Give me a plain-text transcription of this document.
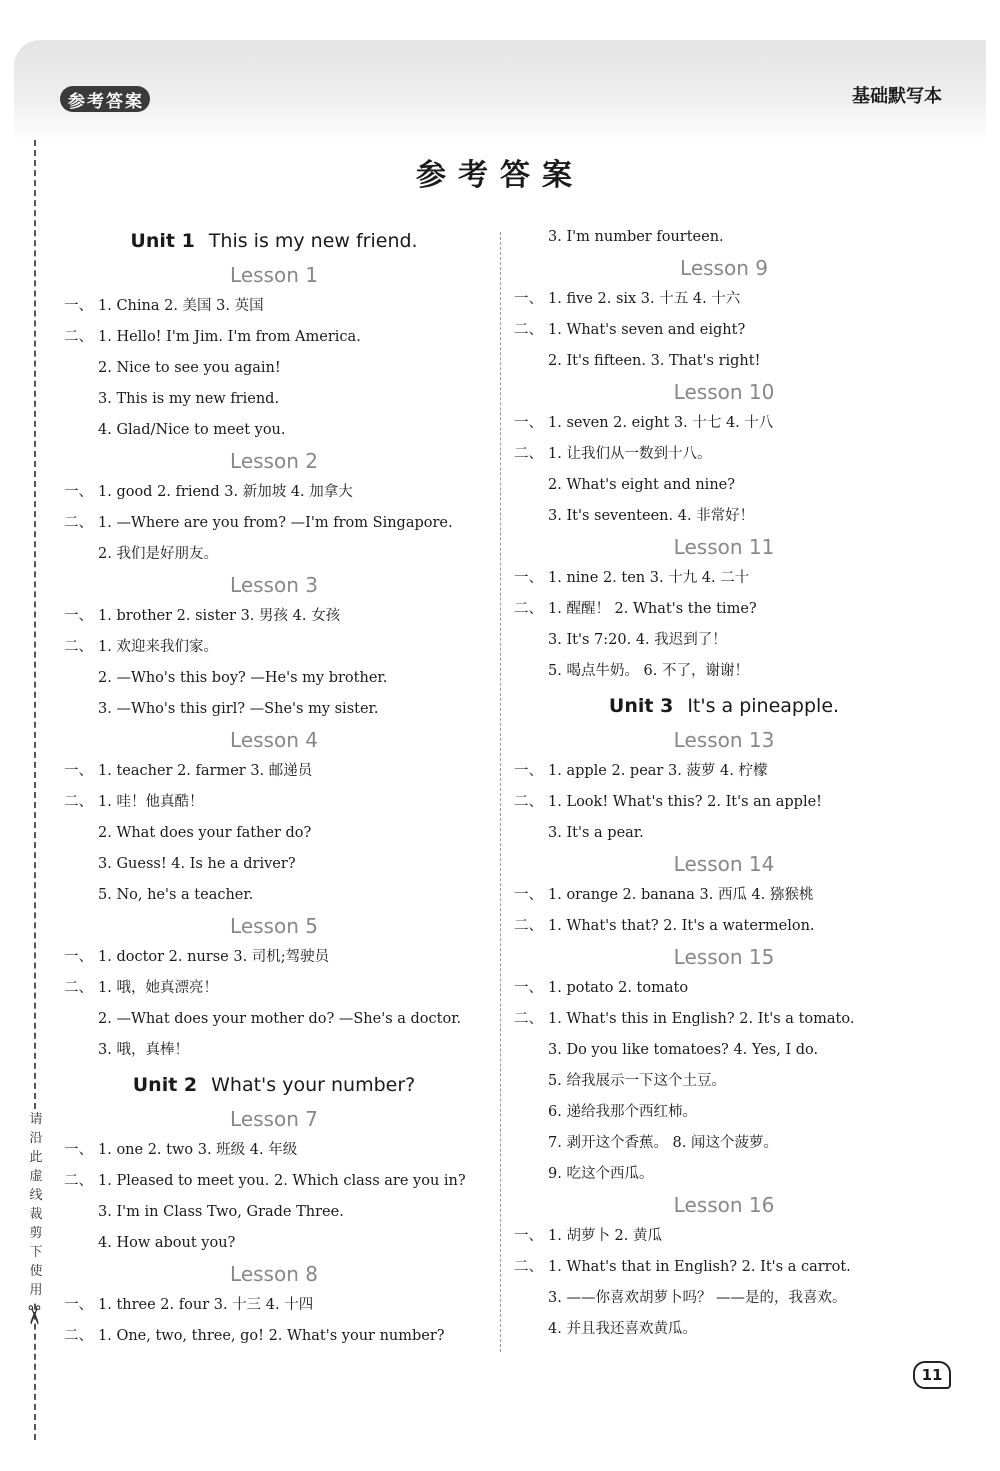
参 考 答 案	基础默写本
请沿此虚线裁剪下使用
✂
参考答案
Unit 1 This is my new friend.
Lesson 1
一、 1. China 2. 美国 3. 英国
二、 1. Hello! I'm Jim. I'm from America.
2. Nice to see you again!
3. This is my new friend.
4. Glad/Nice to meet you.
Lesson 2
一、 1. good 2. friend 3. 新加坡 4. 加拿大
二、 1. —Where are you from? —I'm from Singapore.
2. 我们是好朋友。
Lesson 3
一、 1. brother 2. sister 3. 男孩 4. 女孩
二、 1. 欢迎来我们家。
2. —Who's this boy? —He's my brother.
3. —Who's this girl? —She's my sister.
Lesson 4
一、 1. teacher 2. farmer 3. 邮递员
二、 1. 哇！他真酷！
2. What does your father do?
3. Guess! 4. Is he a driver?
5. No, he's a teacher.
Lesson 5
一、 1. doctor 2. nurse 3. 司机;驾驶员
二、 1. 哦，她真漂亮！
2. —What does your mother do? —She's a doctor.
3. 哦，真棒！
Unit 2 What's your number?
Lesson 7
一、 1. one 2. two 3. 班级 4. 年级
二、 1. Pleased to meet you. 2. Which class are you in?
3. I'm in Class Two, Grade Three.
4. How about you?
Lesson 8
一、 1. three 2. four 3. 十三 4. 十四
二、 1. One, two, three, go! 2. What's your number?
3. I'm number fourteen.
Lesson 9
一、 1. five 2. six 3. 十五 4. 十六
二、 1. What's seven and eight?
2. It's fifteen. 3. That's right!
Lesson 10
一、 1. seven 2. eight 3. 十七 4. 十八
二、 1. 让我们从一数到十八。
2. What's eight and nine?
3. It's seventeen. 4. 非常好！
Lesson 11
一、 1. nine 2. ten 3. 十九 4. 二十
二、 1. 醒醒！ 2. What's the time?
3. It's 7:20. 4. 我迟到了！
5. 喝点牛奶。 6. 不了，谢谢！
Unit 3 It's a pineapple.
Lesson 13
一、 1. apple 2. pear 3. 菠萝 4. 柠檬
二、 1. Look! What's this? 2. It's an apple!
3. It's a pear.
Lesson 14
一、 1. orange 2. banana 3. 西瓜 4. 猕猴桃
二、 1. What's that? 2. It's a watermelon.
Lesson 15
一、 1. potato 2. tomato
二、 1. What's this in English? 2. It's a tomato.
3. Do you like tomatoes? 4. Yes, I do.
5. 给我展示一下这个土豆。
6. 递给我那个西红柿。
7. 剥开这个香蕉。 8. 闻这个菠萝。
9. 吃这个西瓜。
Lesson 16
一、 1. 胡萝卜 2. 黄瓜
二、 1. What's that in English? 2. It's a carrot.
3. ——你喜欢胡萝卜吗？ ——是的，我喜欢。
4. 并且我还喜欢黄瓜。
11
